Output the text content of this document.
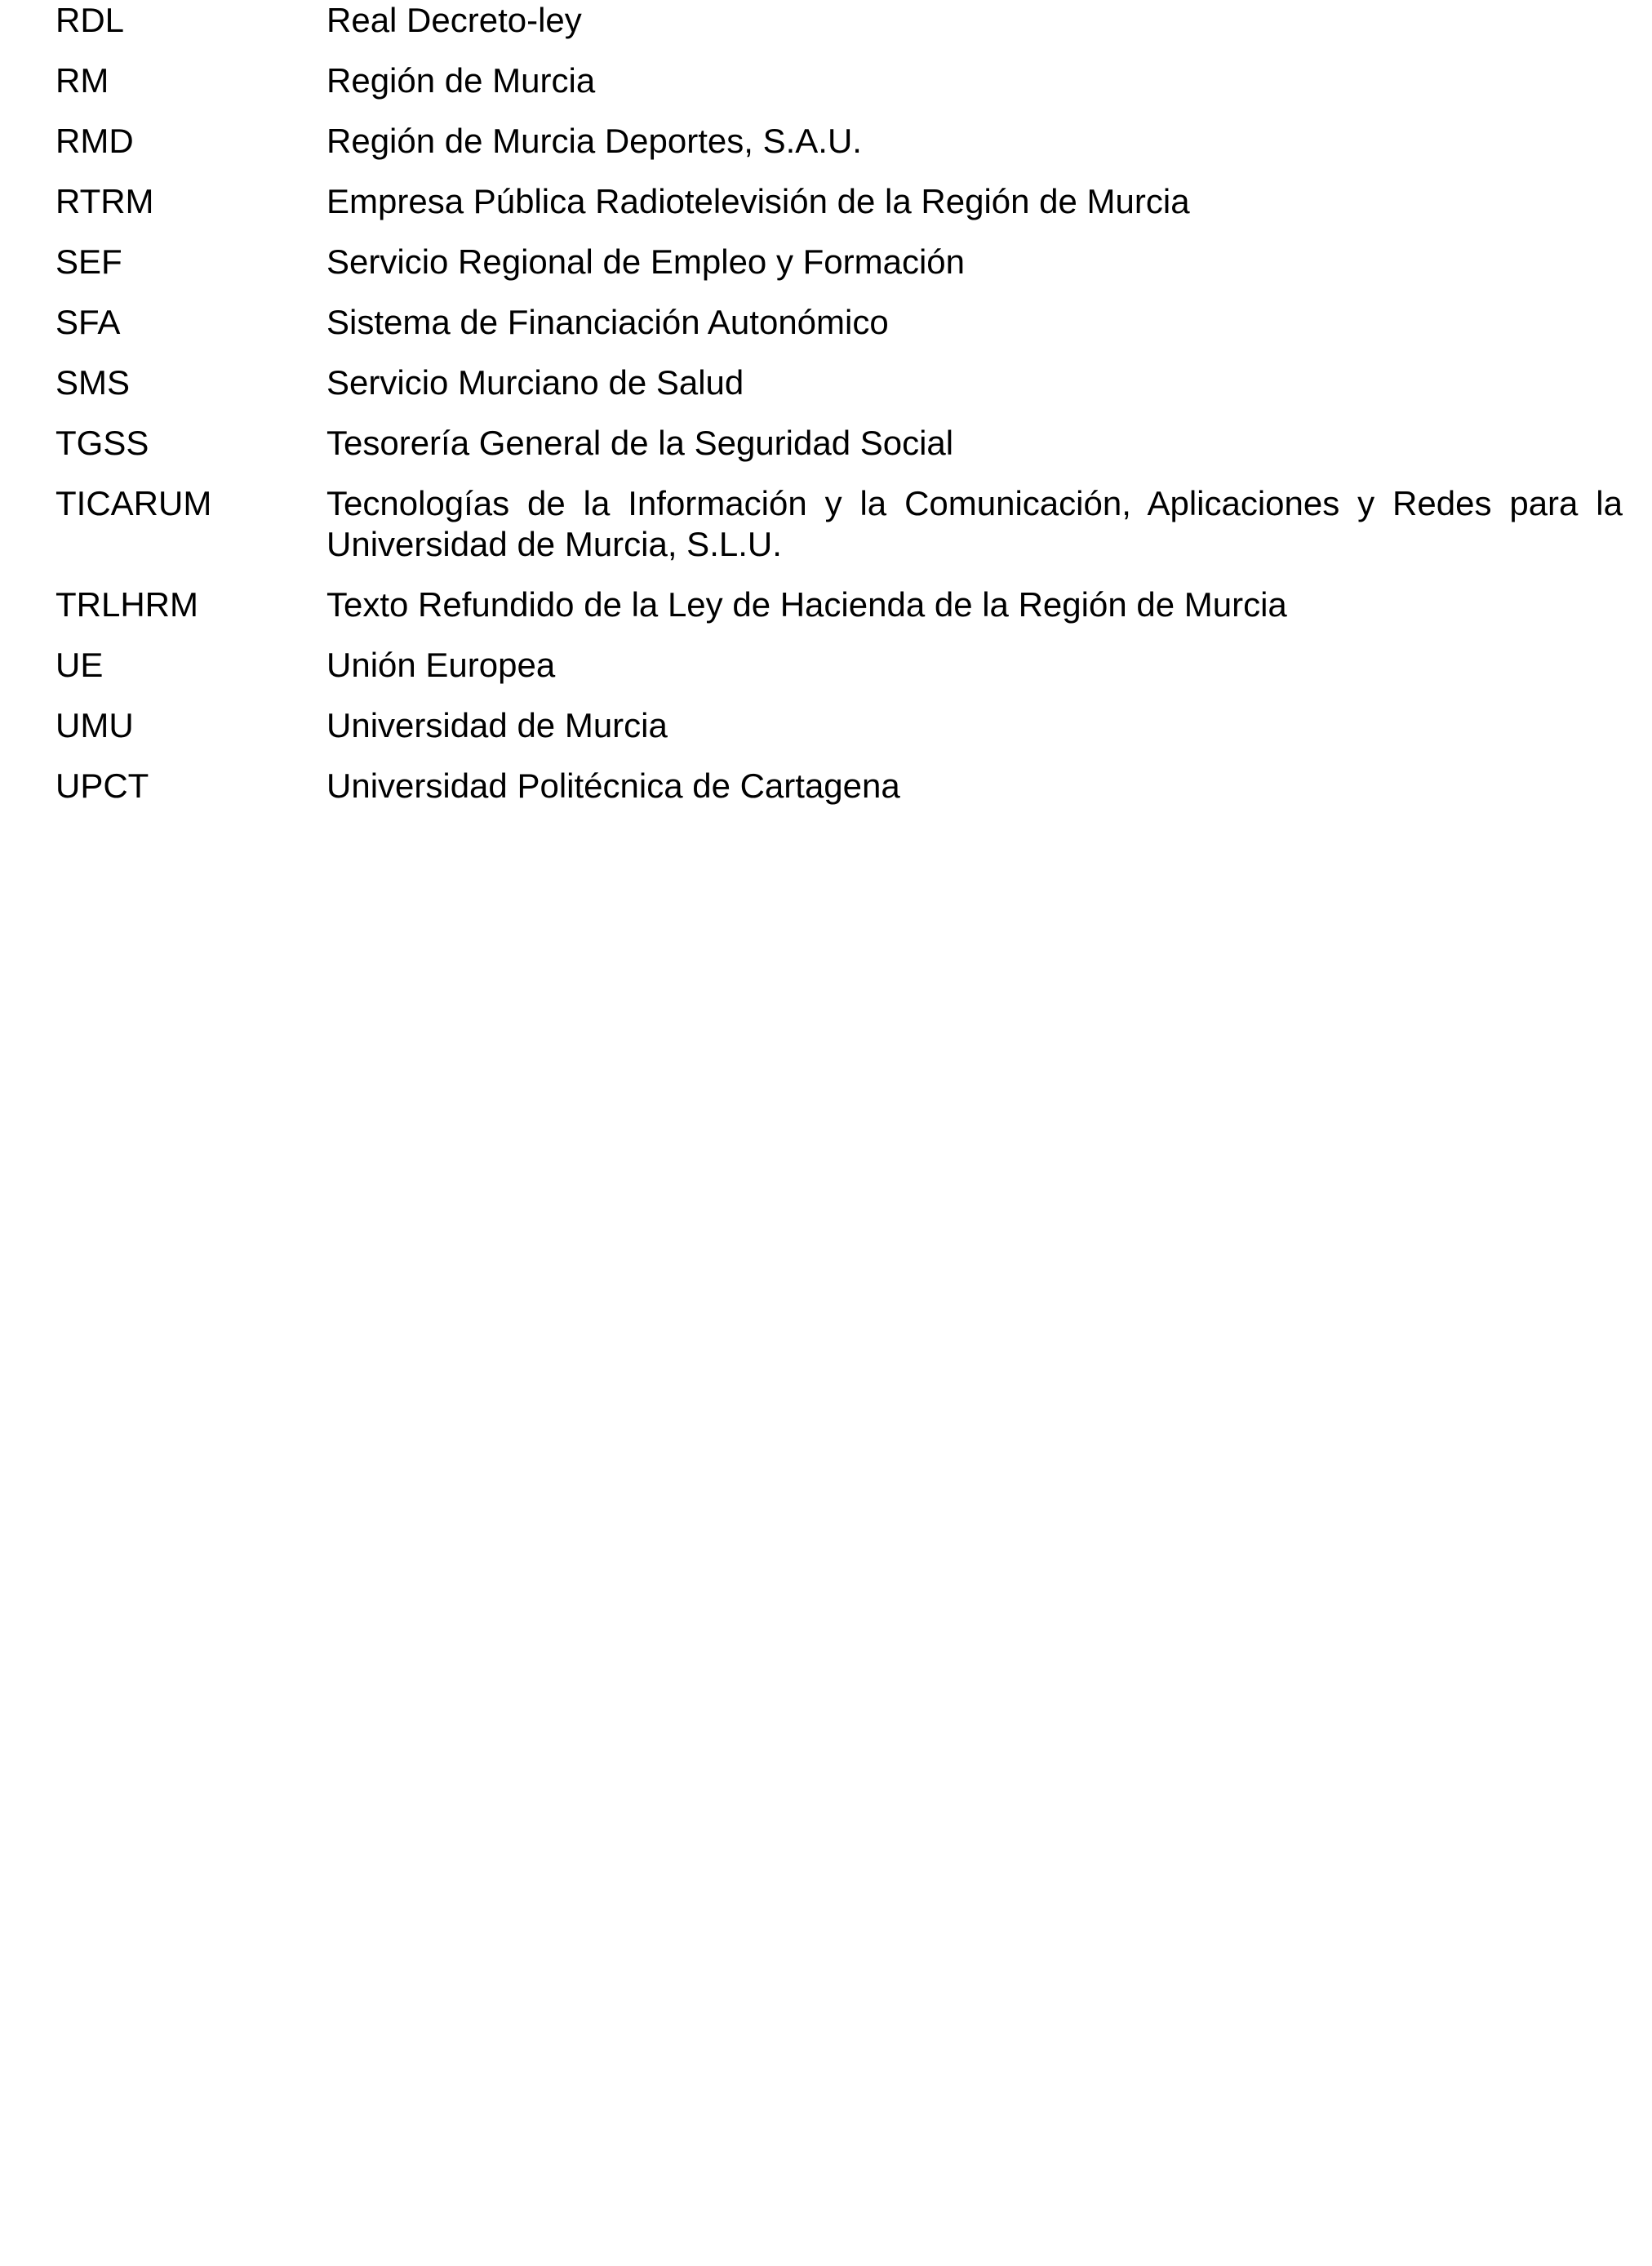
RDL	Real Decreto-ley
RM	Región de Murcia
RMD	Región de Murcia Deportes, S.A.U.
RTRM	Empresa Pública Radiotelevisión de la Región de Murcia
SEF	Servicio Regional de Empleo y Formación
SFA	Sistema de Financiación Autonómico
SMS	Servicio Murciano de Salud
TGSS	Tesorería General de la Seguridad Social
TICARUM	Tecnologías de la Información y la Comunicación, Aplicaciones y Redes para la Universidad de Murcia, S.L.U.
TRLHRM	Texto Refundido de la Ley de Hacienda de la Región de Murcia
UE	Unión Europea
UMU	Universidad de Murcia
UPCT	Universidad Politécnica de Cartagena
